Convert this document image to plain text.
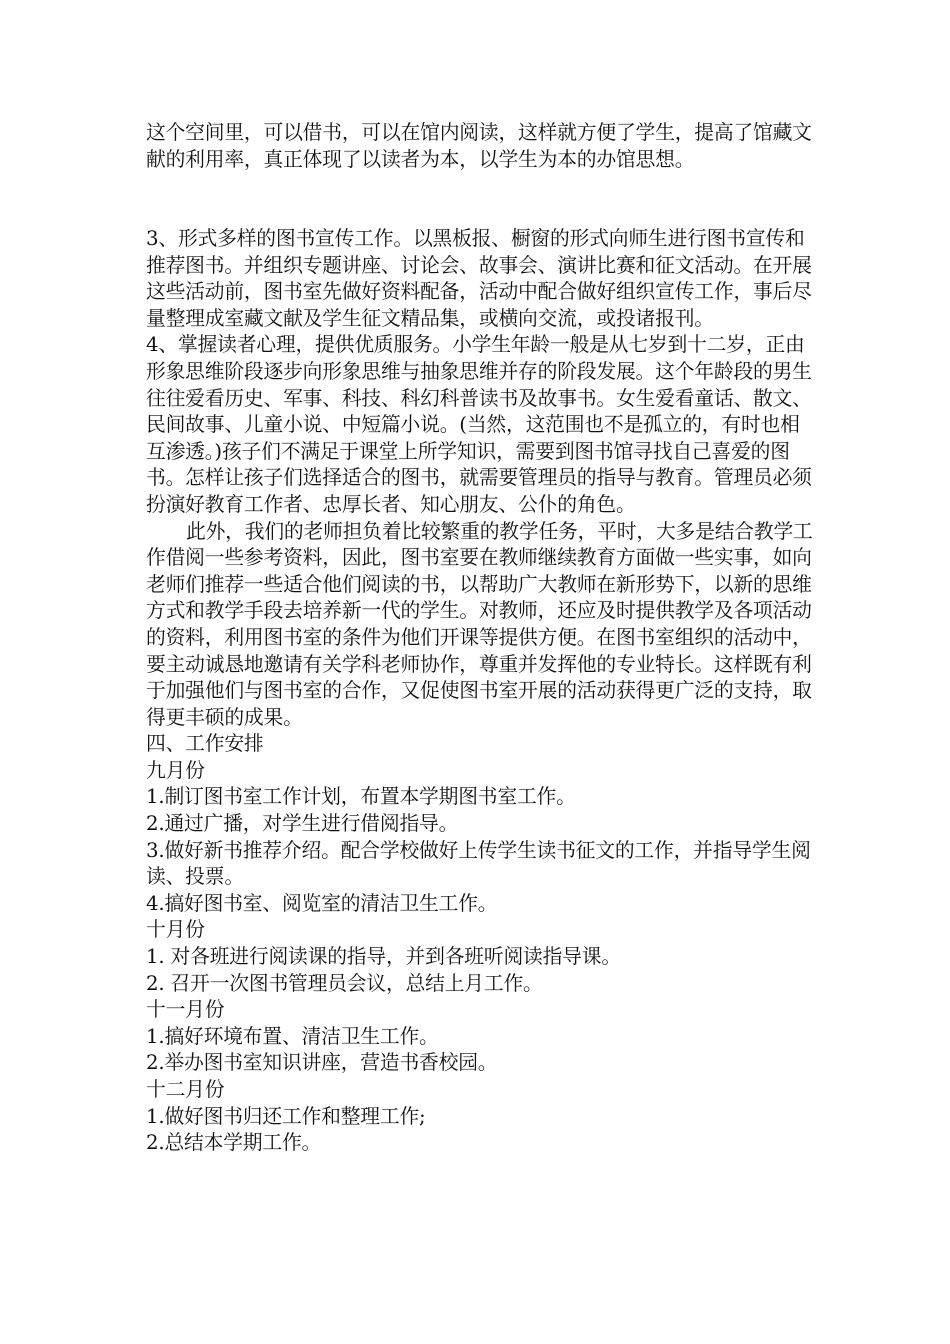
这个空间里，可以借书，可以在馆内阅读，这样就方便了学生，提高了馆藏文献的利用率，真正体现了以读者为本，以学生为本的办馆思想。

3、形式多样的图书宣传工作。以黑板报、橱窗的形式向师生进行图书宣传和推荐图书。并组织专题讲座、讨论会、故事会、演讲比赛和征文活动。在开展这些活动前，图书室先做好资料配备，活动中配合做好组织宣传工作，事后尽量整理成室藏文献及学生征文精品集，或横向交流，或投诸报刊。

4、掌握读者心理，提供优质服务。小学生年龄一般是从七岁到十二岁，正由形象思维阶段逐步向形象思维与抽象思维并存的阶段发展。这个年龄段的男生往往爱看历史、军事、科技、科幻科普读书及故事书。女生爱看童话、散文、民间故事、儿童小说、中短篇小说。(当然，这范围也不是孤立的，有时也相互渗透。)孩子们不满足于课堂上所学知识，需要到图书馆寻找自己喜爱的图书。怎样让孩子们选择适合的图书，就需要管理员的指导与教育。管理员必须扮演好教育工作者、忠厚长者、知心朋友、公仆的角色。

此外，我们的老师担负着比较繁重的教学任务，平时，大多是结合教学工作借阅一些参考资料，因此，图书室要在教师继续教育方面做一些实事，如向老师们推荐一些适合他们阅读的书，以帮助广大教师在新形势下，以新的思维方式和教学手段去培养新一代的学生。对教师，还应及时提供教学及各项活动的资料，利用图书室的条件为他们开课等提供方便。在图书室组织的活动中，要主动诚恳地邀请有关学科老师协作，尊重并发挥他的专业特长。这样既有利于加强他们与图书室的合作，又促使图书室开展的活动获得更广泛的支持，取得更丰硕的成果。

四、工作安排

九月份

1.制订图书室工作计划，布置本学期图书室工作。

2.通过广播，对学生进行借阅指导。

3.做好新书推荐介绍。配合学校做好上传学生读书征文的工作，并指导学生阅读、投票。

4.搞好图书室、阅览室的清洁卫生工作。

十月份

1. 对各班进行阅读课的指导，并到各班听阅读指导课。

2. 召开一次图书管理员会议，总结上月工作。

十一月份

1.搞好环境布置、清洁卫生工作。

2.举办图书室知识讲座，营造书香校园。

十二月份

1.做好图书归还工作和整理工作;

2.总结本学期工作。
